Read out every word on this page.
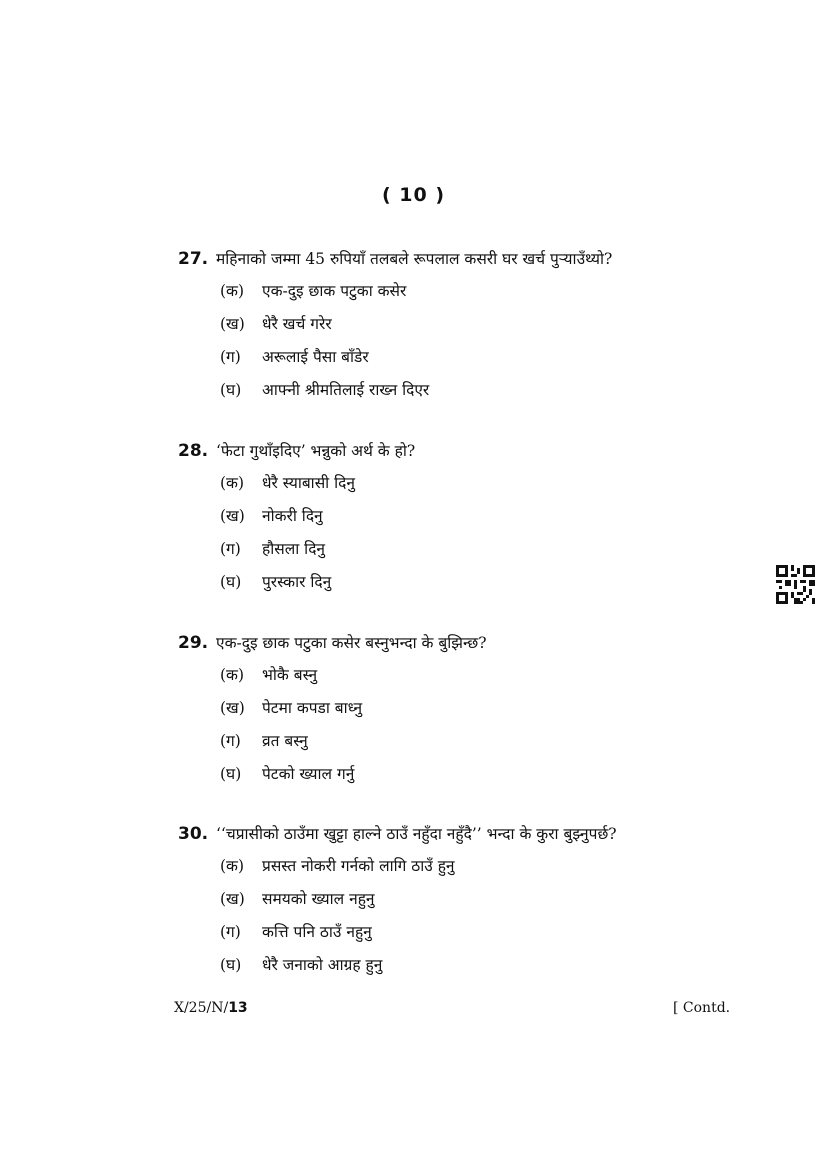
( 10 )
27. महिनाको जम्मा 45 रुपियाँ तलबले रूपलाल कसरी घर खर्च पुर्‍याउँथ्यो?
(क)	एक-दुइ छाक पटुका कसेर
(ख)	धेरै खर्च गरेर
(ग)	अरूलाई पैसा बाँडेर
(घ)	आफ्नी श्रीमतिलाई राख्न दिएर
28. ‘फेटा गुथाँइदिए’ भन्नुको अर्थ के हो?
(क)	धेरै स्याबासी दिनु
(ख)	नोकरी दिनु
(ग)	हौसला दिनु
(घ)	पुरस्कार दिनु
29. एक-दुइ छाक पटुका कसेर बस्नुभन्दा के बुझिन्छ?
(क)	भोकै बस्नु
(ख)	पेटमा कपडा बाध्नु
(ग)	व्रत बस्नु
(घ)	पेटको ख्याल गर्नु
30. ‘‘चप्रासीको ठाउँमा खुट्टा हाल्ने ठाउँ नहुँदा नहुँदै’’ भन्दा के कुरा बुझ्नुपर्छ?
(क)	प्रसस्त नोकरी गर्नको लागि ठाउँ हुनु
(ख)	समयको ख्याल नहुनु
(ग)	कत्ति पनि ठाउँ नहुनु
(घ)	धेरै जनाको आग्रह हुनु
X/25/N/13	[ Contd.
